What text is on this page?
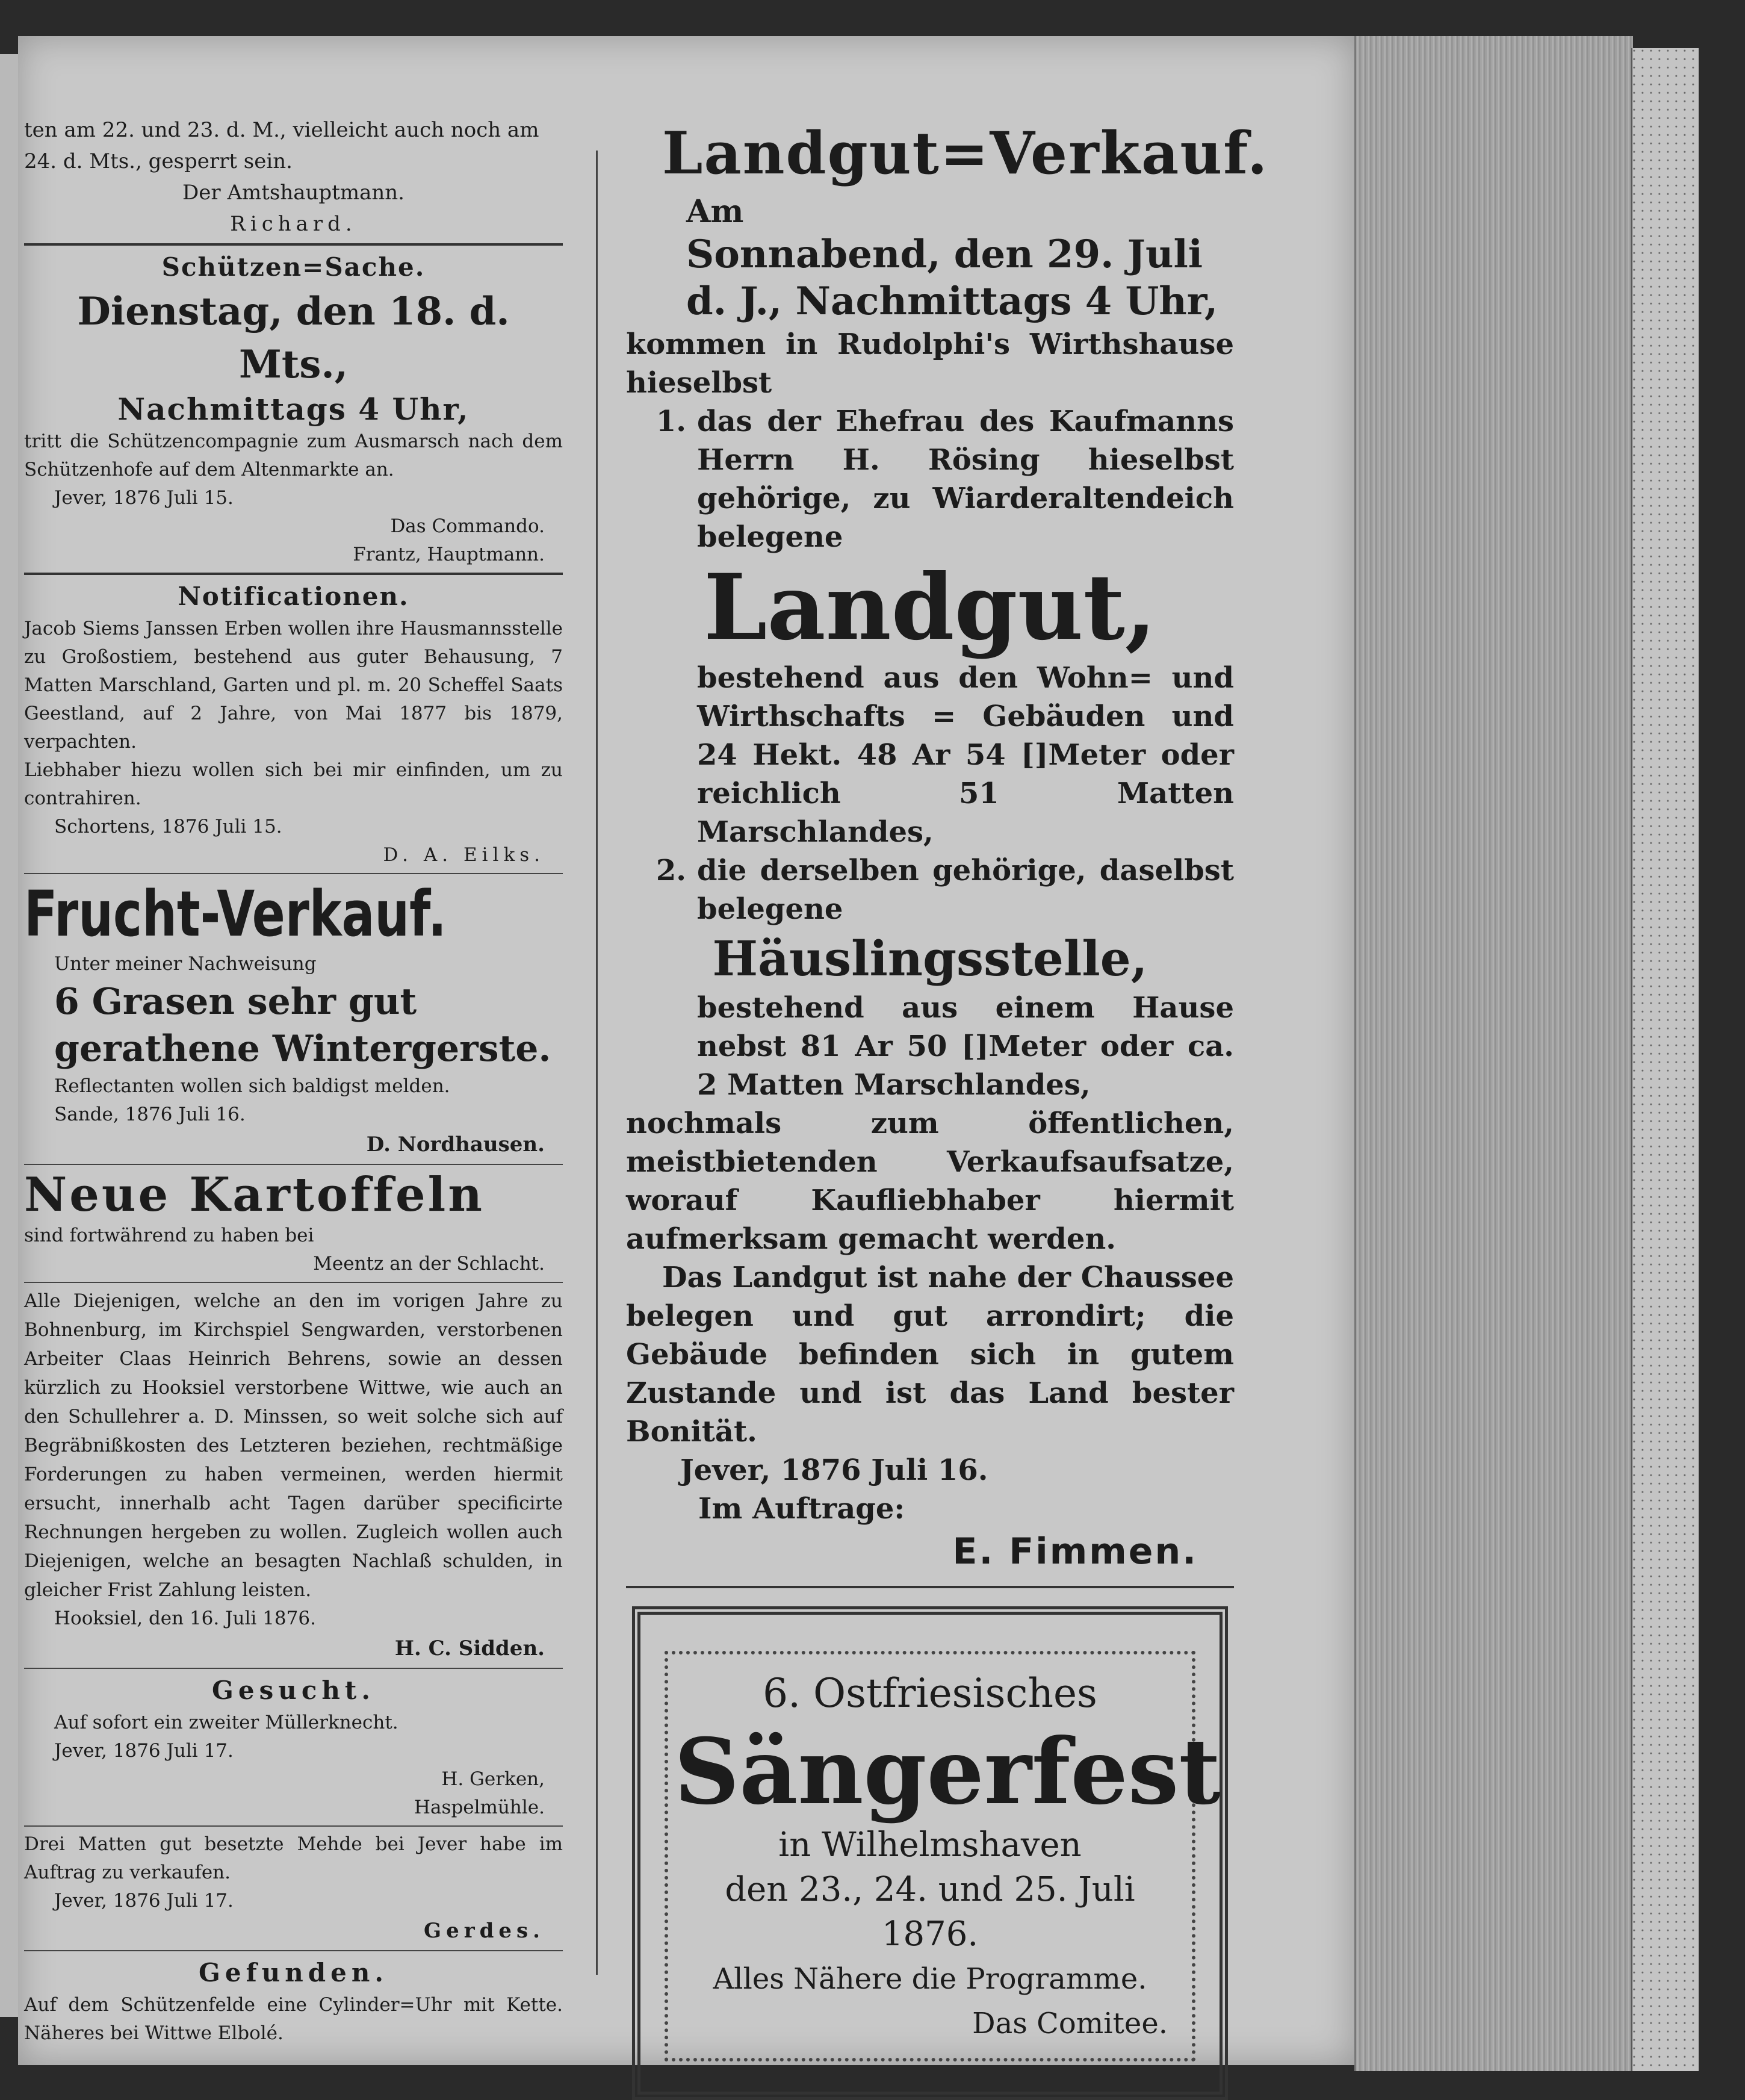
ten am 22. und 23. d. M., vielleicht auch noch am
24. d. Mts., gesperrt sein.
Der Amtshauptmann.
Richard.
Schützen=Sache.
Dienstag, den 18. d. Mts.,
Nachmittags 4 Uhr,
tritt die Schützencompagnie zum Ausmarsch nach dem Schützenhofe auf dem Altenmarkte an.
Jever, 1876 Juli 15.
Das Commando.
Frantz, Hauptmann.
Notificationen.
Jacob Siems Janssen Erben wollen ihre Hausmannsstelle zu Großostiem, bestehend aus guter Behausung, 7 Matten Marschland, Garten und pl. m. 20 Scheffel Saats Geestland, auf 2 Jahre, von Mai 1877 bis 1879, verpachten.
Liebhaber hiezu wollen sich bei mir einfinden, um zu contrahiren.
Schortens, 1876 Juli 15.
D. A. Eilks.
Frucht-Verkauf.
Unter meiner Nachweisung
6 Grasen sehr gut gerathene Wintergerste.
Reflectanten wollen sich baldigst melden.
Sande, 1876 Juli 16.
D. Nordhausen.
Neue Kartoffeln
sind fortwährend zu haben bei
Meentz an der Schlacht.
Alle Diejenigen, welche an den im vorigen Jahre zu Bohnenburg, im Kirchspiel Sengwarden, verstorbenen Arbeiter Claas Heinrich Behrens, sowie an dessen kürzlich zu Hooksiel verstorbene Wittwe, wie auch an den Schullehrer a. D. Minssen, so weit solche sich auf Begräbnißkosten des Letzteren beziehen, rechtmäßige Forderungen zu haben vermeinen, werden hiermit ersucht, innerhalb acht Tagen darüber specificirte Rechnungen hergeben zu wollen. Zugleich wollen auch Diejenigen, welche an besagten Nachlaß schulden, in gleicher Frist Zahlung leisten.
Hooksiel, den 16. Juli 1876.
H. C. Sidden.
Gesucht.
Auf sofort ein zweiter Müllerknecht.
Jever, 1876 Juli 17.
H. Gerken,
Haspelmühle.
Drei Matten gut besetzte Mehde bei Jever habe im Auftrag zu verkaufen.
Jever, 1876 Juli 17.
Gerdes.
Gefunden.
Auf dem Schützenfelde eine Cylinder=Uhr mit Kette. Näheres bei Wittwe Elbolé.
Landgut=Verkauf.
Am
Sonnabend, den 29. Juli
d. J., Nachmittags 4 Uhr,
kommen in Rudolphi's Wirthshause hieselbst
1. das der Ehefrau des Kaufmanns Herrn H. Rösing hieselbst gehörige, zu Wiarderaltendeich belegene
Landgut,
bestehend aus den Wohn= und Wirthschafts = Gebäuden und 24 Hekt. 48 Ar 54 []Meter oder reichlich 51 Matten Marschlandes,
2. die derselben gehörige, daselbst belegene
Häuslingsstelle,
bestehend aus einem Hause nebst 81 Ar 50 []Meter oder ca. 2 Matten Marschlandes,
nochmals zum öffentlichen, meistbietenden Verkaufsaufsatze, worauf Kaufliebhaber hiermit aufmerksam gemacht werden.
Das Landgut ist nahe der Chaussee belegen und gut arrondirt; die Gebäude befinden sich in gutem Zustande und ist das Land bester Bonität.
Jever, 1876 Juli 16.
Im Auftrage:
E. Fimmen.
6. Ostfriesisches
Sängerfest
in Wilhelmshaven
den 23., 24. und 25. Juli 1876.
Alles Nähere die Programme.
Das Comitee.
